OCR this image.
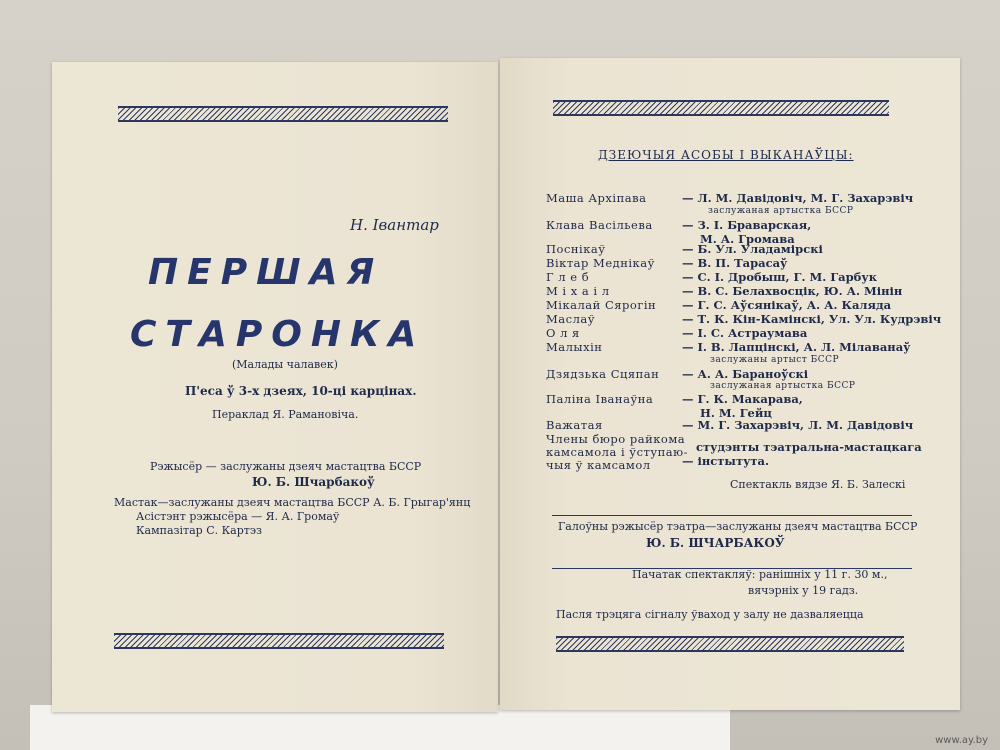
Н. Івантар
ПЕРШАЯ
СТАРОНКА
(Малады чалавек)
П'еса ў 3-х дзеях, 10-ці карцінах.
Пераклад Я. Рамановіча.
Рэжысёр — заслужаны дзеяч мастацтва БССР
Ю. Б. Шчарбакоў
Мастак—заслужаны дзеяч мастацтва БССР А. Б. Грыгар'янц
Асістэнт рэжысёра — Я. А. Громаў
Кампазітар С. Картэз
ДЗЕЮЧЫЯ АСОБЫ І ВЫКАНАЎЦЫ:
Маша Архіпава	— Л. М. Давідовіч, М. Г. Захарэвіч
заслужаная артыстка БССР
Клава Васільева	— З. І. Браварская,
М. А. Громава
Поснікаў	— Б. Ул. Уладамірскі
Віктар Меднікаў — В. П. Тарасаў
Г л е б	— С. І. Дробыш, Г. М. Гарбук
М і х а і л	— В. С. Белахвосцік, Ю. А. Мінін
Мікалай Сярогін — Г. С. Аўсянікаў, А. А. Каляда
Маслаў	— Т. К. Кін-Камінскі, Ул. Ул. Кудрэвіч
О л я	— І. С. Астраумава
Малыхін	— І. В. Лапцінскі, А. Л. Мілаванаў
заслужаны артыст БССР
Дзядзька Сцяпан — А. А. Бараноўскі
заслужаная артыстка БССР
Паліна Іванаўна	— Г. К. Макарава,
Н. М. Гейц
Важатая	— М. Г. Захарэвіч, Л. М. Давідовіч
Члены бюро райкома
камсамола і ўступаю-
чыя ў камсамол
студэнты тэатральна-мастацкага
— інстытута.
Спектакль вядзе Я. Б. Залескі
Галоўны рэжысёр тэатра—заслужаны дзеяч мастацтва БССР
Ю. Б. ШЧАРБАКОЎ
Пачатак спектакляў: ранішніх у 11 г. 30 м.,
вячэрніх у 19 гадз.
Пасля трэцяга сігналу ўваход у залу не дазваляецца
www.ay.by
